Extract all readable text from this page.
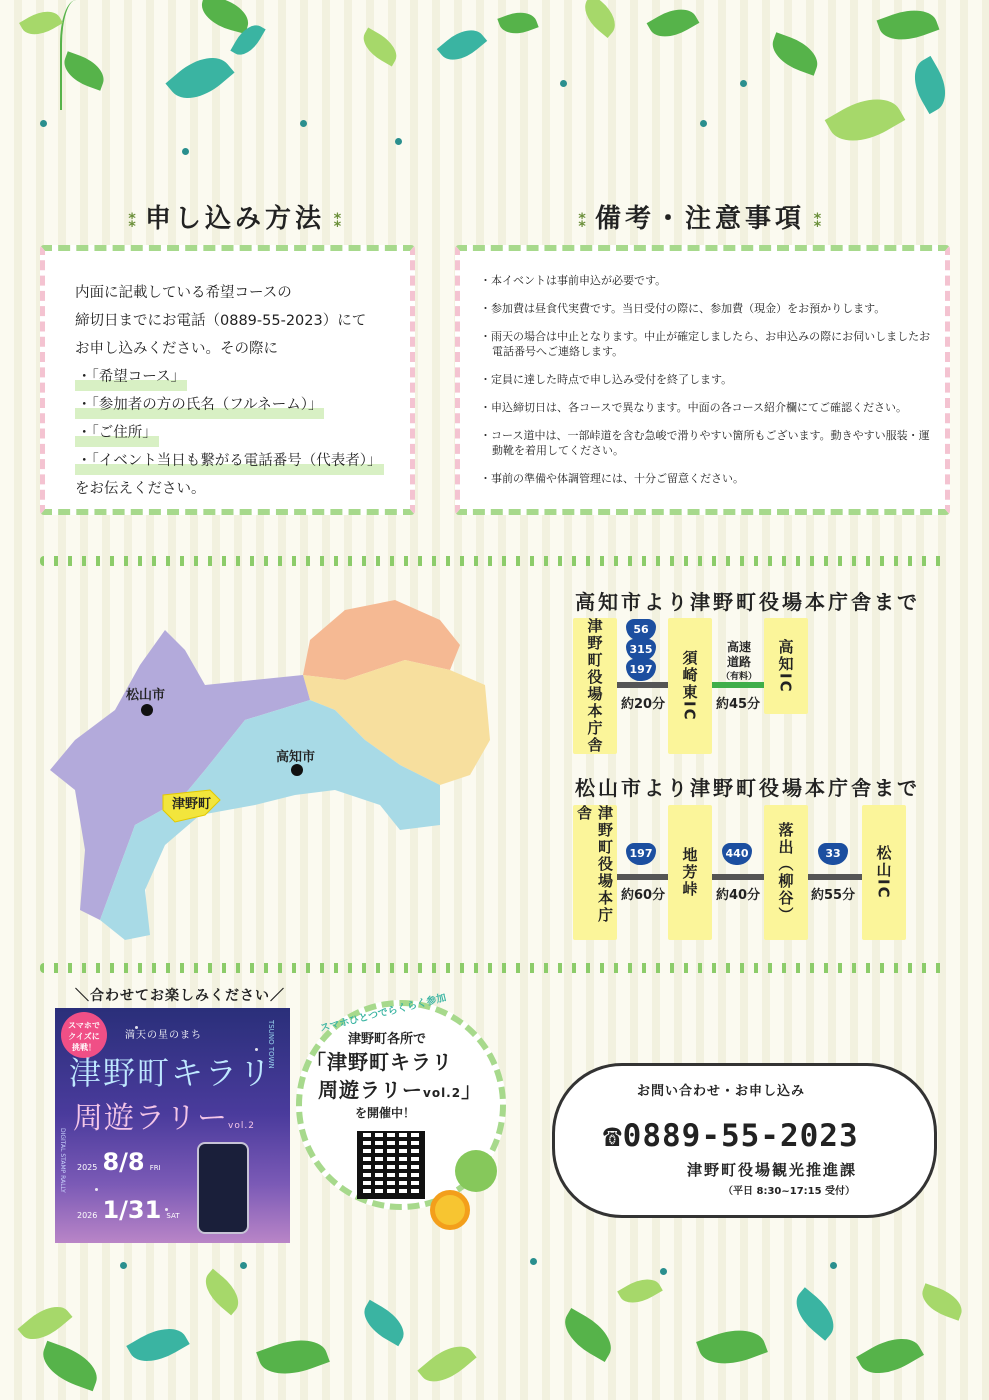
⁑ 申し込み方法 ⁑	⁑ 備考・注意事項 ⁑
内面に記載している希望コースの
締切日までにお電話（0889-55-2023）にて
お申し込みください。その際に
・「希望コース」
・「参加者の方の氏名（フルネーム）」
・「ご住所」
・「イベント当日も繋がる電話番号（代表者）」
をお伝えください。
・本イベントは事前申込が必要です。
・参加費は昼食代実費です。当日受付の際に、参加費（現金）をお預かりします。
・雨天の場合は中止となります。中止が確定しましたら、お申込みの際にお伺いしましたお電話番号へご連絡します。
・定員に達した時点で申し込み受付を終了します。
・申込締切日は、各コースで異なります。中面の各コース紹介欄にてご確認ください。
・コース道中は、一部峠道を含む急峻で滑りやすい箇所もございます。動きやすい服装・運動靴を着用してください。
・事前の準備や体調管理には、十分ご留意ください。
松山市
高知市
津野町
高知市より津野町役場本庁舎まで
津野町役場本庁舎	56
315
197
約20分	須崎東IC
高速
道路
（有料）
約45分
高知IC
松山市より津野町役場本庁舎まで
津野町役場本庁舎
197
約60分	地芳峠	440
約40分	落出（柳谷）	33
約55分	松山IC
＼合わせてお楽しみください／
スマホでクイズに挑戦！
満天の星のまち	TSUNO TOWN
津野町キラリ
周遊ラリーvol.2
DIGITAL STAMP RALLY 2025 8/8 FRI
2026 1/31 SAT
スマホひとつでらくらく参加
津野町各所で
「津野町キラリ
周遊ラリーvol.2」
を開催中！
お問い合わせ・お申し込み
☎0889-55-2023
津野町役場観光推進課
（平日 8:30~17:15 受付）
